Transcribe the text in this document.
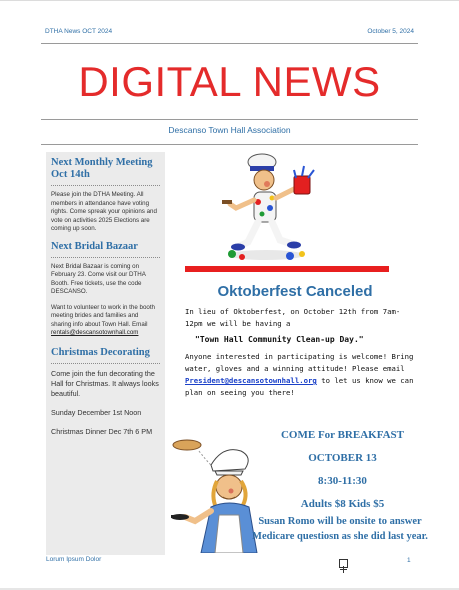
DTHA News OCT 2024	October 5, 2024
DIGITAL NEWS
Descanso Town Hall Association
Next Monthly Meeting Oct 14th

Please join the DTHA Meeting. All members in attendance have voting rights. Come spreak your opinions and vote on activities 2025 Elections are coming up soon.

Next Bridal Bazaar

Next Bridal Bazaar is coming on February 23. Come visit our DTHA Booth. Free tickets, use the code DESCANSO.

Want to volunteer to work in the booth meeting brides and families and sharing info about Town Hall. Email rentals@descansotownhall.com

Christmas Decorating

Come join the fun decorating the Hall for Christmas. It always looks beautiful.

Sunday December 1st Noon

Christmas Dinner Dec 7th 6 PM

Oktoberfest Canceled

In lieu of Oktoberfest, on October 12th from 7am-12pm we will be having a

"Town Hall Community Clean-up Day."

Anyone interested in participating is welcome! Bring water, gloves and a winning attitude! Please email President@descansotownhall.org to let us know we can plan on seeing you there!

COME For BREAKFAST
OCTOBER 13
8:30-11:30
Adults $8 Kids $5
Susan Romo will be onsite to answer Medicare questiosn as she did last year.
Lorum Ipsum Dolor	1
